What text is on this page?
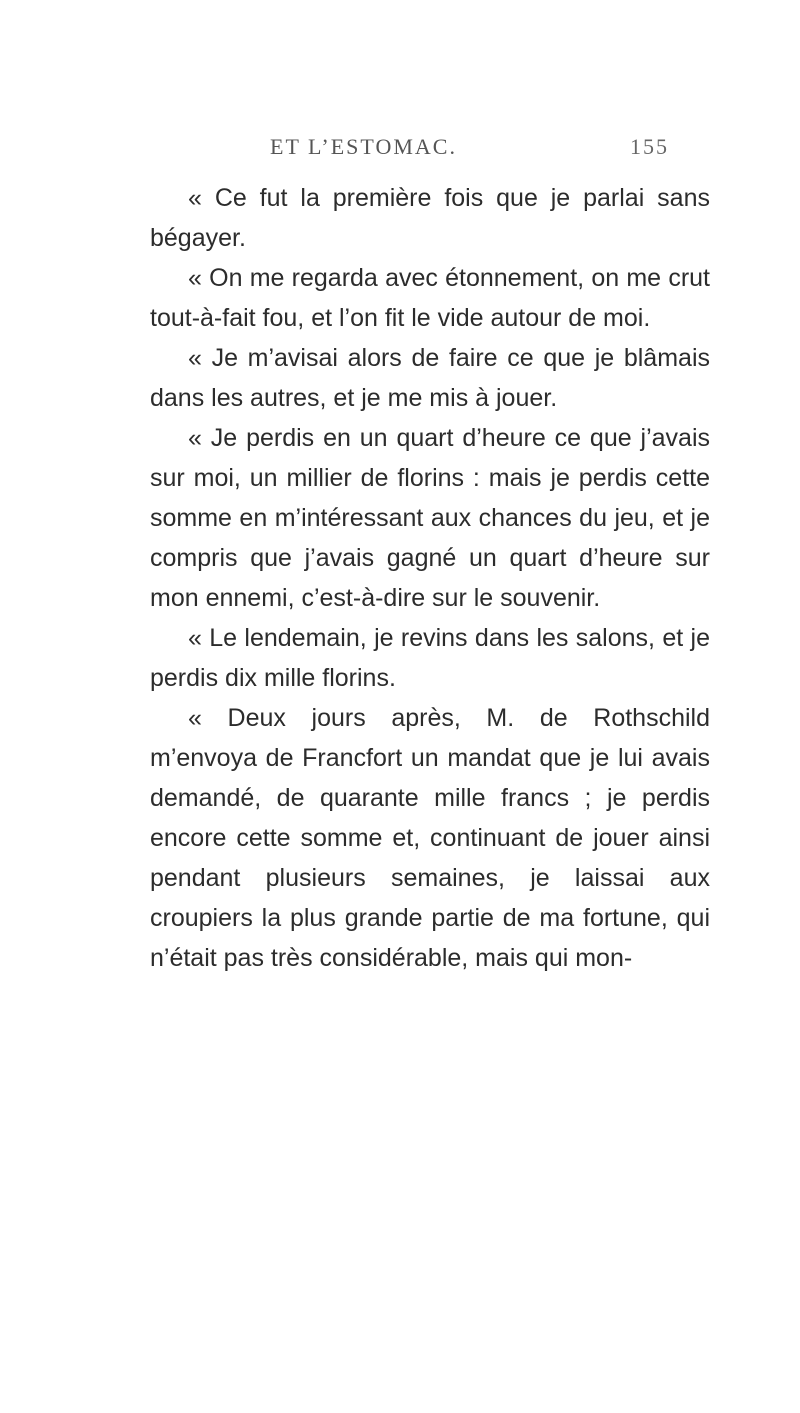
ET L’ESTOMAC.	155

« Ce fut la première fois que je parlai sans bégayer.

« On me regarda avec étonnement, on me crut tout-à-fait fou, et l’on fit le vide autour de moi.

« Je m’avisai alors de faire ce que je blâmais dans les autres, et je me mis à jouer.

« Je perdis en un quart d’heure ce que j’avais sur moi, un millier de florins : mais je perdis cette somme en m’intéressant aux chances du jeu, et je compris que j’avais gagné un quart d’heure sur mon ennemi, c’est-à-dire sur le souvenir.

« Le lendemain, je revins dans les salons, et je perdis dix mille florins.

« Deux jours après, M. de Rothschild m’envoya de Francfort un mandat que je lui avais demandé, de quarante mille francs ; je perdis encore cette somme et, continuant de jouer ainsi pendant plusieurs semaines, je laissai aux croupiers la plus grande partie de ma fortune, qui n’était pas très considérable, mais qui mon-
